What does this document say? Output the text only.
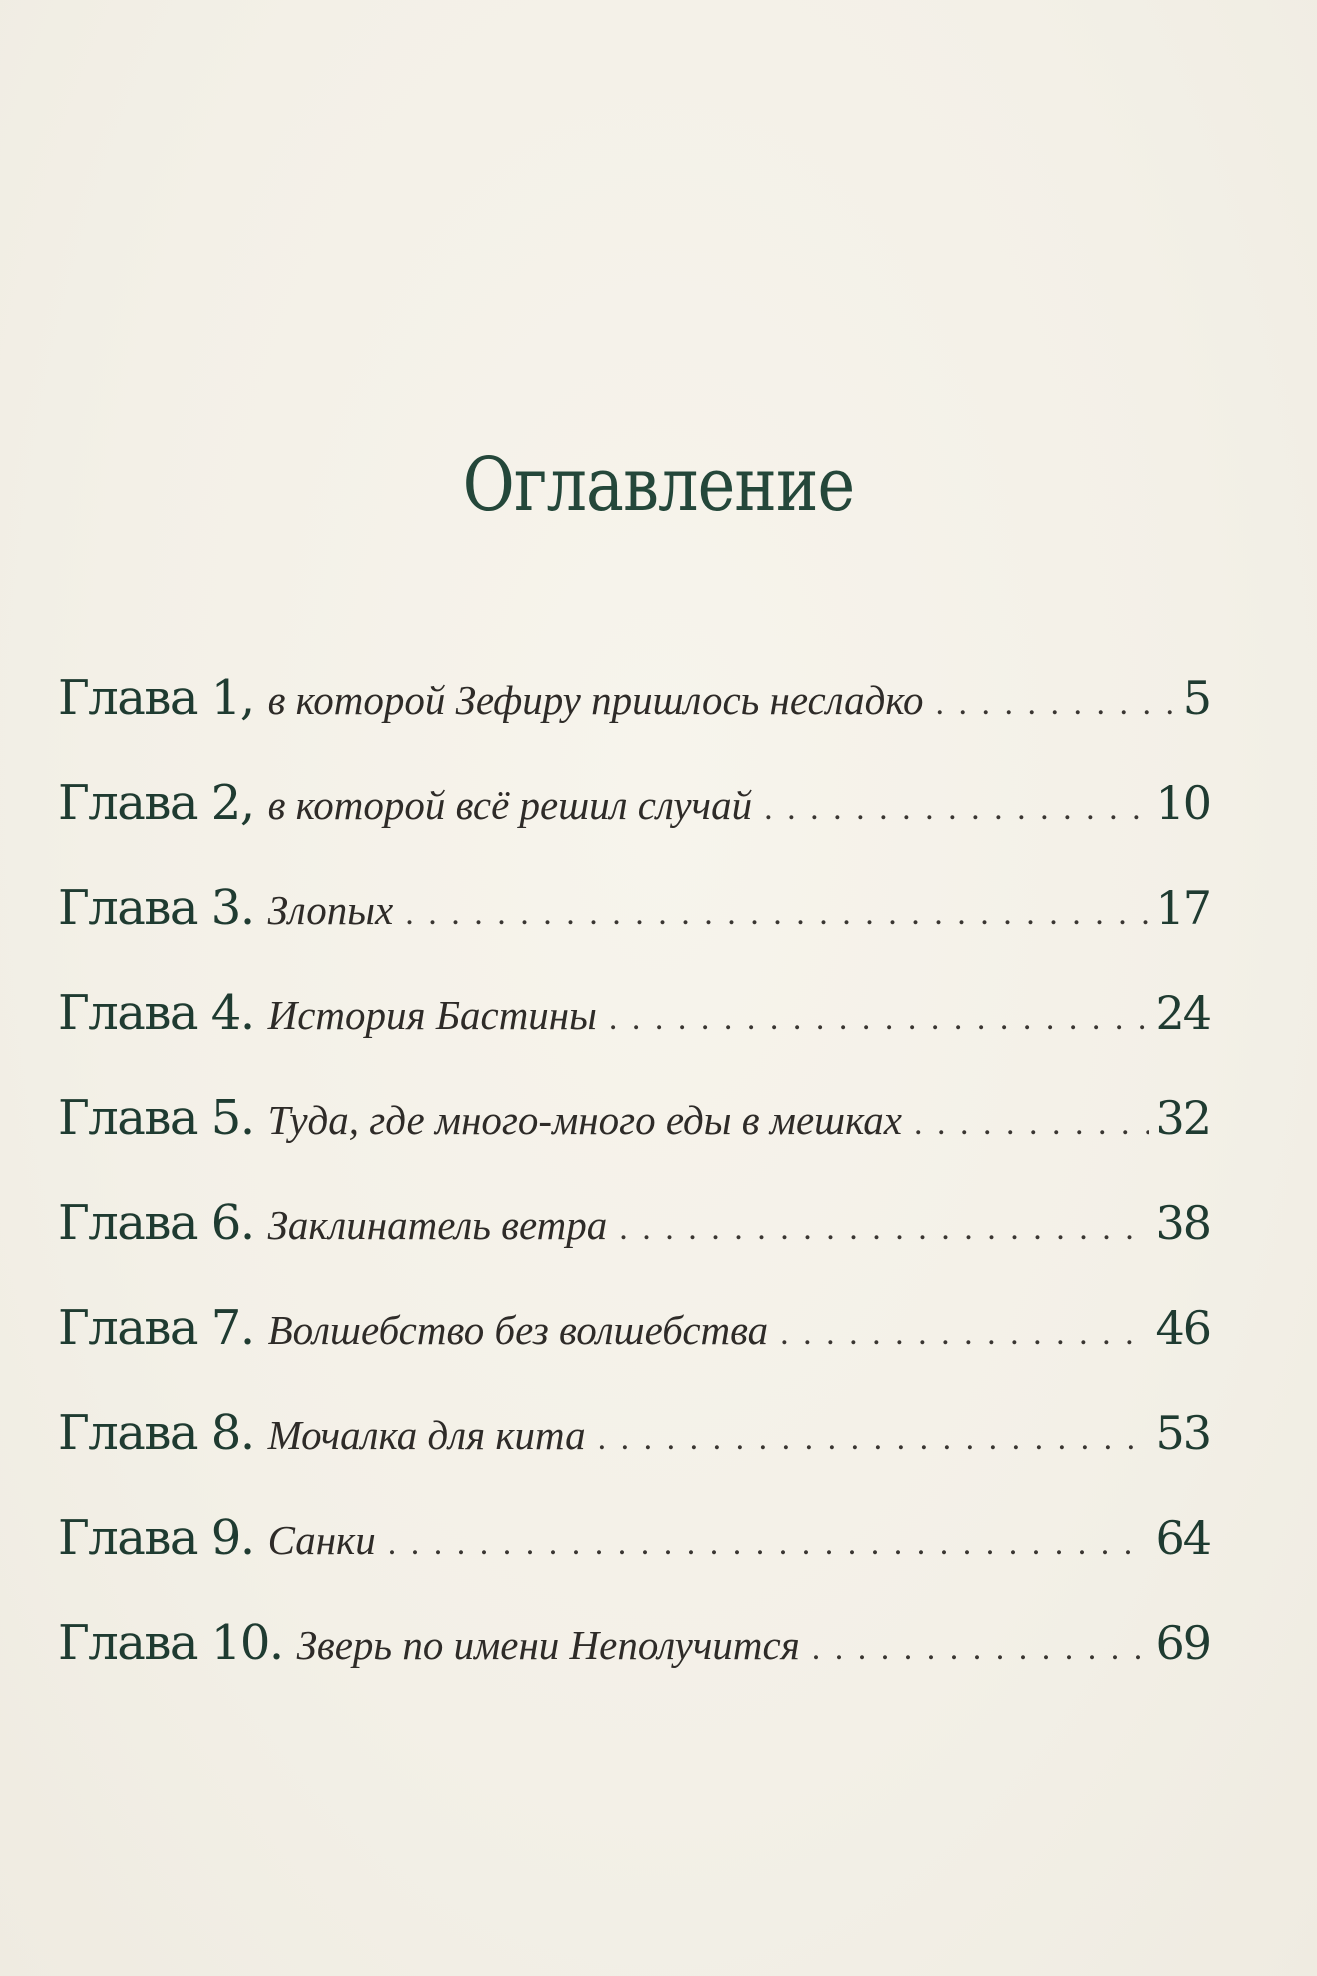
Оглавление
Глава 1, в которой Зефиру пришлось несладко . . .	5
Глава 2, в которой всё решил случай . . .	10
Глава 3. Злопых . . .	17
Глава 4. История Бастины . . .	24
Глава 5. Туда, где много-много еды в мешках . . .	32
Глава 6. Заклинатель ветра . . .	38
Глава 7. Волшебство без волшебства . . .	46
Глава 8. Мочалка для кита . . .	53
Глава 9. Санки . . .	64
Глава 10. Зверь по имени Неполучится . . .	69
